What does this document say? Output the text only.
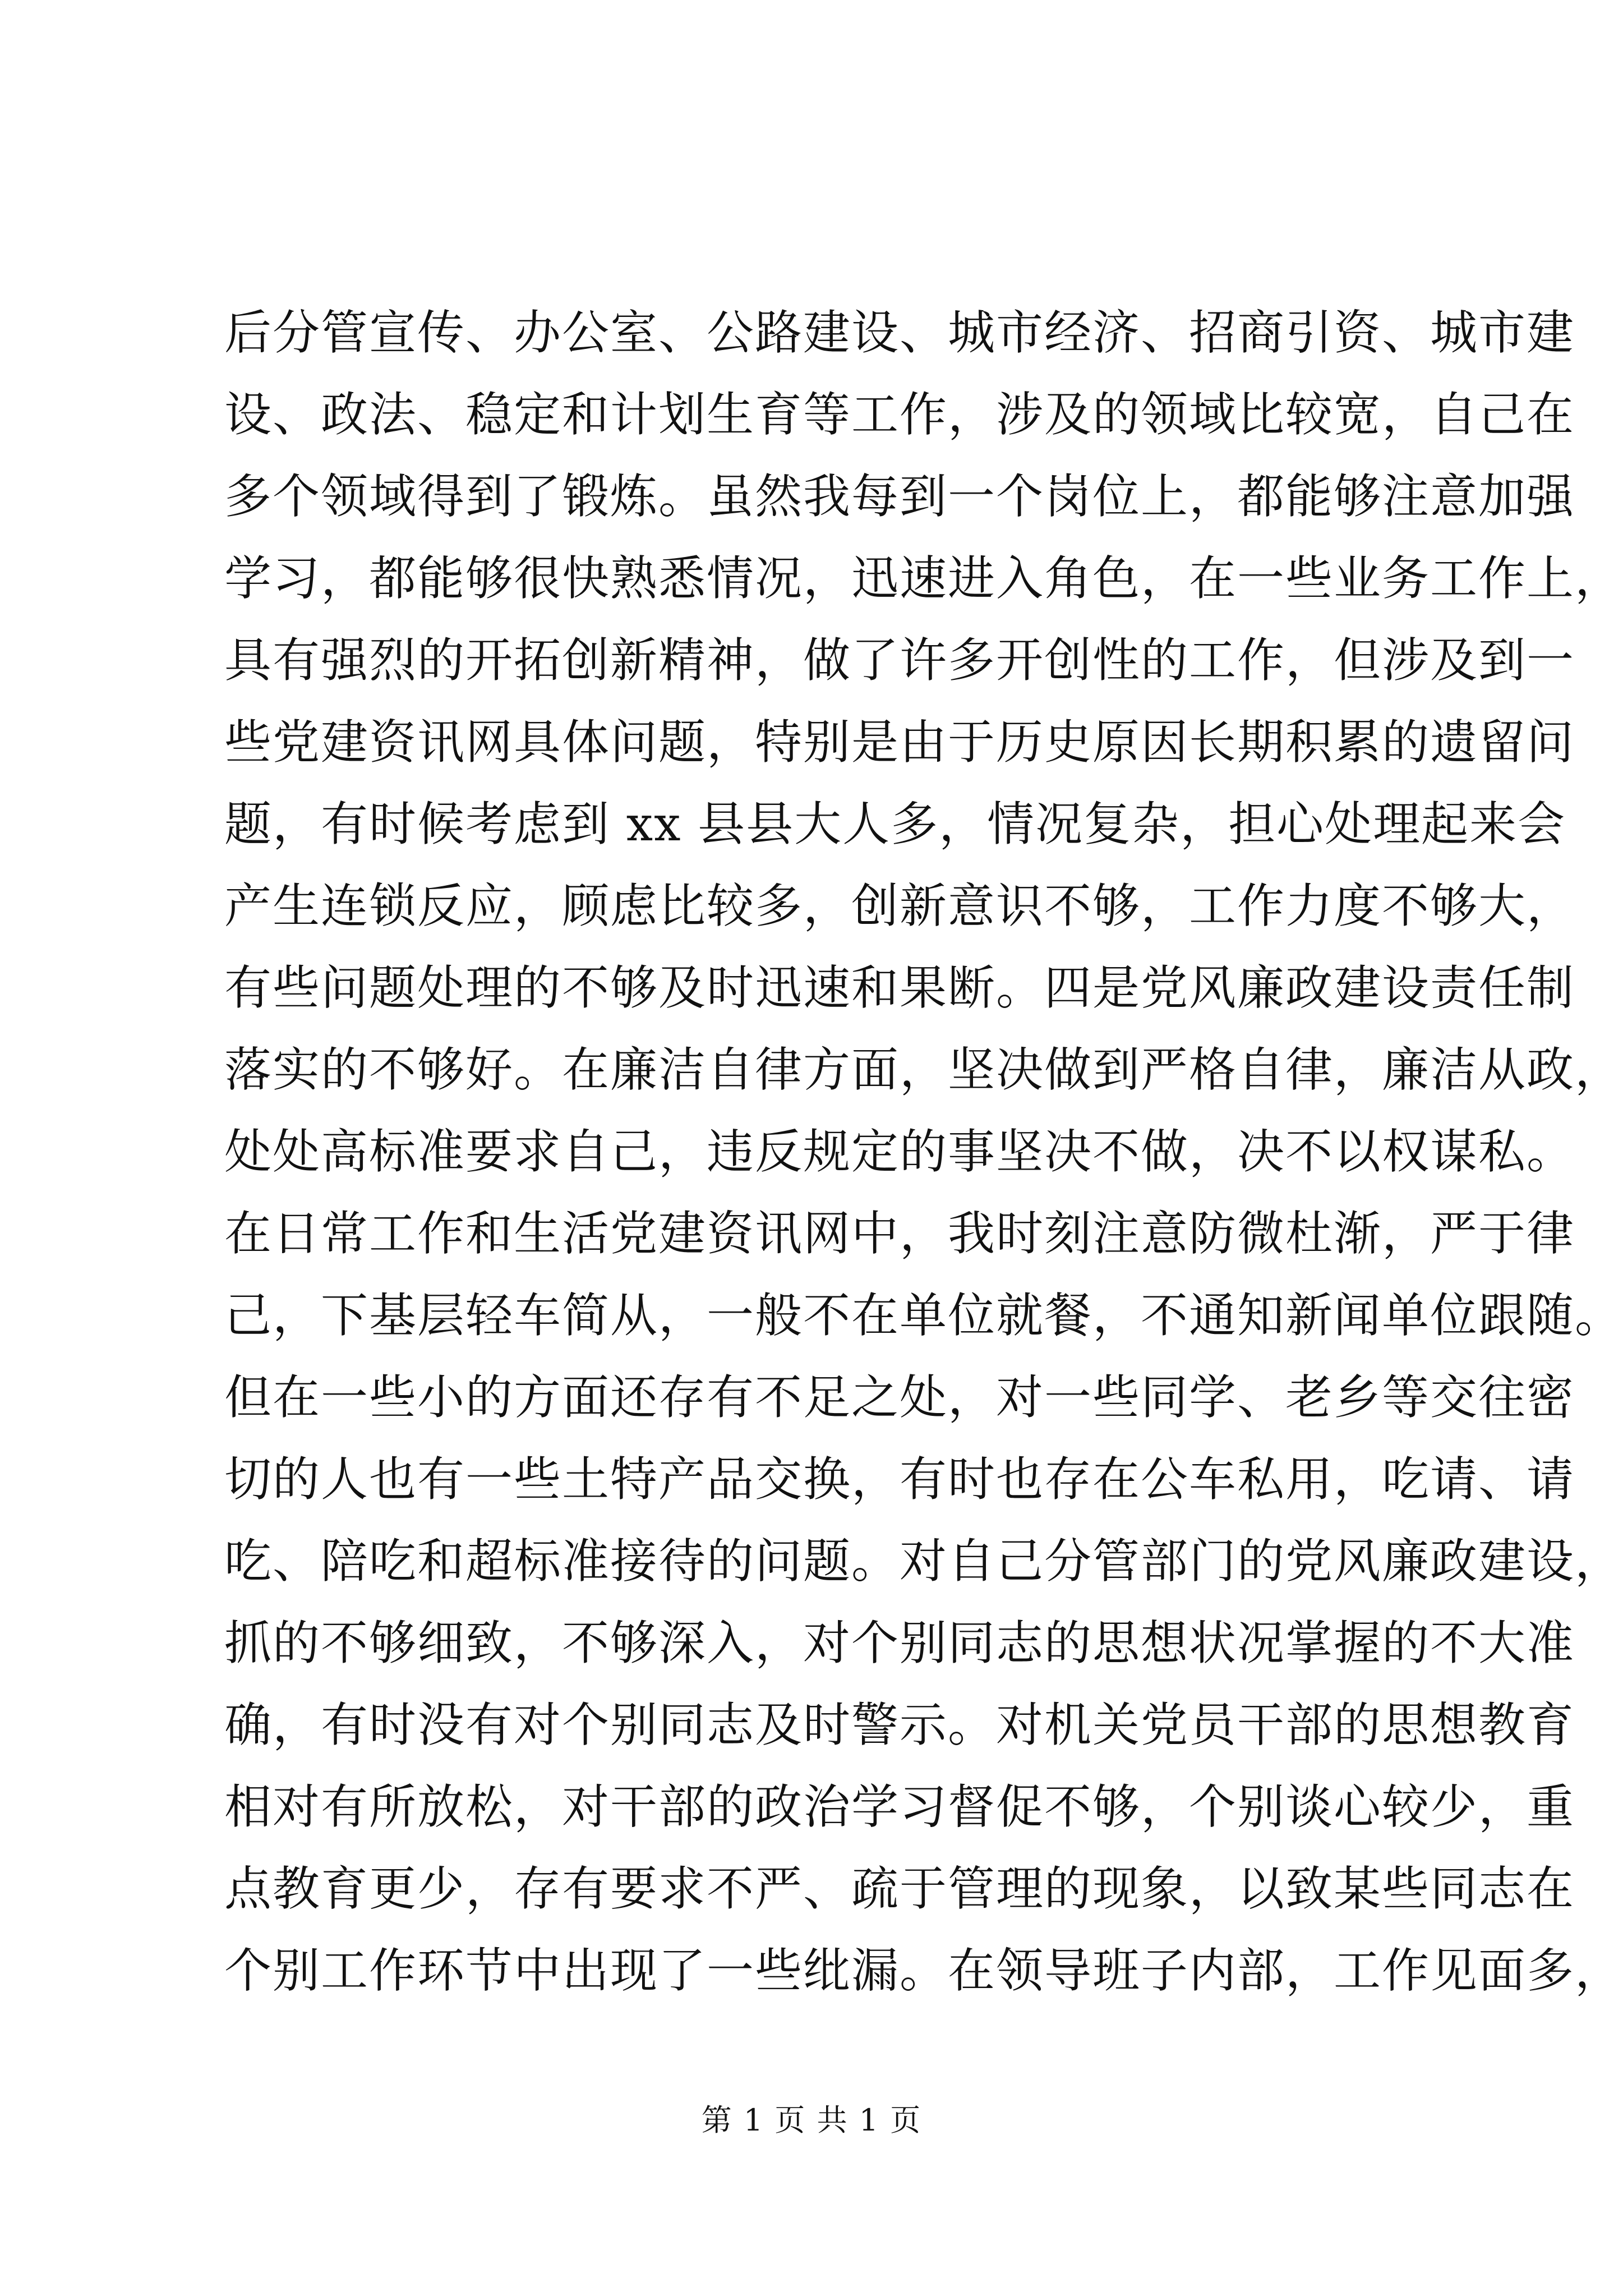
后分管宣传、办公室、公路建设、城市经济、招商引资、城市建
设、政法、稳定和计划生育等工作，涉及的领域比较宽，自己在
多个领域得到了锻炼。虽然我每到一个岗位上，都能够注意加强
学习，都能够很快熟悉情况，迅速进入角色，在一些业务工作上，
具有强烈的开拓创新精神，做了许多开创性的工作，但涉及到一
些党建资讯网具体问题，特别是由于历史原因长期积累的遗留问
题，有时候考虑到 xx 县县大人多，情况复杂，担心处理起来会
产生连锁反应，顾虑比较多，创新意识不够，工作力度不够大，
有些问题处理的不够及时迅速和果断。四是党风廉政建设责任制
落实的不够好。在廉洁自律方面，坚决做到严格自律，廉洁从政，
处处高标准要求自己，违反规定的事坚决不做，决不以权谋私。
在日常工作和生活党建资讯网中，我时刻注意防微杜渐，严于律
己，下基层轻车简从，一般不在单位就餐，不通知新闻单位跟随。
但在一些小的方面还存有不足之处，对一些同学、老乡等交往密
切的人也有一些土特产品交换，有时也存在公车私用，吃请、请
吃、陪吃和超标准接待的问题。对自己分管部门的党风廉政建设，
抓的不够细致，不够深入，对个别同志的思想状况掌握的不大准
确，有时没有对个别同志及时警示。对机关党员干部的思想教育
相对有所放松，对干部的政治学习督促不够，个别谈心较少，重
点教育更少，存有要求不严、疏于管理的现象，以致某些同志在
个别工作环节中出现了一些纰漏。在领导班子内部，工作见面多，
第 1 页 共 1 页
